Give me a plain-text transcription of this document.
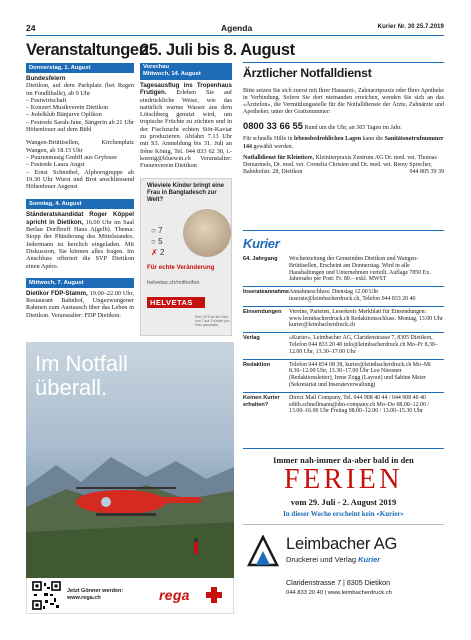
24	Agenda	Kurier Nr. 30 25.7.2019
Veranstaltungen
25. Juli bis 8. August
Donnerstag, 1. August
Bundesfeiern

Dietikon, auf dem Parkplatz (bei Regen im Fondlihalle), ab 9 Uhr

– Festwirtschaft

– Konzert Musikverein Dietikon

– Jodelklub Bänjarve Oplikon

– Festredе Sarah-Jane, Sängerin ab 21 Uhr Höhenfeuer auf dem Bühl

Wangen-Brüttisellen, Kirchenplatz Wangen, ab 18.15 Uhr

– Puurenmusig GmbH aus Gryfesee

– Festrede Laura Angst

– Ernst Schnetbel, Alphorngruppe ab 19.30 Uhr Wurst und Brot anschliessend Höhenfeuer Aegenst

Sonntag, 4. August

Ständeratskandidat Roger Köppel spricht in Dietikon, 16.00 Uhr im Saal Berlau Dorfbreff Haus A(gelb). Thema: Stopp der Plünderung des Mittelstandes. Jedermann ist herzlich eingeladen. Mit Diskussion, Sie können alles fragen. Im Anschluss offeriert die SVP Dietikon einen Apéro.

Mittwoch, 7. August

Dietikor FDP-Stamm, 19.00–22.00 Uhr, Restaurant Bahnhof, Ungezwungener Rahmen zum Austausch über das Leben in Dietikon. Veranstalter: FDP Dietikon.

Vorschau
Mittwoch, 14. August

Tagesausflug ins Tropenhaus Frutigen. Erleben Sie auf eindrückliche Weise, wie das natürlich warme Wasser aus dem Lötschberg genutzt wird, um tropische Früchte zu züchten und in der Fischzucht echten Stör-Kaviar zu produzieren. Abfahrt 7.13 Uhr mit S3. Anmeldung bis 31. Juli an Irène König, Tel. 044 833 62 30, i.-koenig@bluewin.ch Veranstalter: Frauenverein Dietikon

Wieviele Kinder bringt eine Frau in Bangladesch zur Welt?
○ 7
○ 5
✗ 2
Für echte Veränderung
helvetas.ch/mitheifen
HELVETAS
Seit 1970 ist die Zahl von 7 auf 2 Kinder pro Frau gesunken.
Im Notfall
überall.
Jetzt Gönner werden:
www.rega.ch	rega
Ärztlicher Notfalldienst

Bitte setzen Sie sich zuerst mit Ihrer Hausarzt-, Zahnarztpraxis oder Ihrer Apotheke in Verbindung. Sofern Sie dort niemanden erreichen, wenden Sie sich an das «Ärztefon», die Vermittlungsstelle für die Notfalldienste der Ärzte, Zahnärzte und Apotheker, unter der Gratisnummer:

0800 33 66 55 Rund um die Uhr, an 365 Tagen im Jahr.

Für schnelle Hilfe in lebensbedrohlichen Lagen kann die Sanitätsnotrufnummer 144 gewählt werden.

Notfalldienst für Kleintiere, Kleintierpraxis Zentrum AG Dr. med. vet. Thomas Demarmels, Dr. med. vet. Cornelia Christen und Dr. med. vet. Remy Sprecher, Bahnhofstr. 28, Dietikon	044 805 39 39

Kurier
64. Jahrgang	Wochenzeitung der Gemeinden Dietikon und Wangen-Brüttisellen, Erscheint am Donnerstag. Wird in alle Haushaltungen und Unternehmen verteilt. Auflage 7850 Ex. Jahresabo per Post: Fr. 80.– exkl. MWST
Inserateannahme	Annahmeschluss: Dienstag 12.00 Uhr inserate@leimbacherdruck.ch, Telefon 044 833 20 40
Einsendungen	Vereine, Parteien, Leserkreis Merkblatt für Einsendungen: www.leimbacherdruck.ch Redaktionsschluss: Montag, 13.00 Uhr kurier@leimbacherdruck.ch
Verlag	«Kurier», Leimbacher AG, Claridenstrasse 7, 8305 Dietikon, Telefon 044 833 20 40 info@leimbacherdruck.ch Mo–Fr 8.30–12.00 Uhr, 13.30–17.00 Uhr
Redaktion	Telefon 044 834 08 38, kurier@leimbacherdruck.ch Mo–Mi 8.30–12.00 Uhr, 13.30–17.00 Uhr Leo Niessner (Redaktionsleiter), Irene Zogg (Layout) und Sabine Meier (Sekretariat und Inserateverwaltung)
Keinen Kurier erhalten?	Direct Mail Company, Tel. 044 908 40 44 / 044 908 40 40 edith.schnellmann@dm-company.ch Mo–Do 08.00–12.00 / 13.00–16.00 Uhr Freitag 08.00–12.00 / 13.00–15.30 Uhr
Immer nah-immer da-aber bald in den
FERIEN
vom 29. Juli - 2. August 2019
In dieser Woche erscheint kein «Kurier»
Leimbacher AG
Druckerei und Verlag Kurier
Claridenstrasse 7 | 8305 Dietikon
044 833 20 40 | www.leimbacherdruck.ch
